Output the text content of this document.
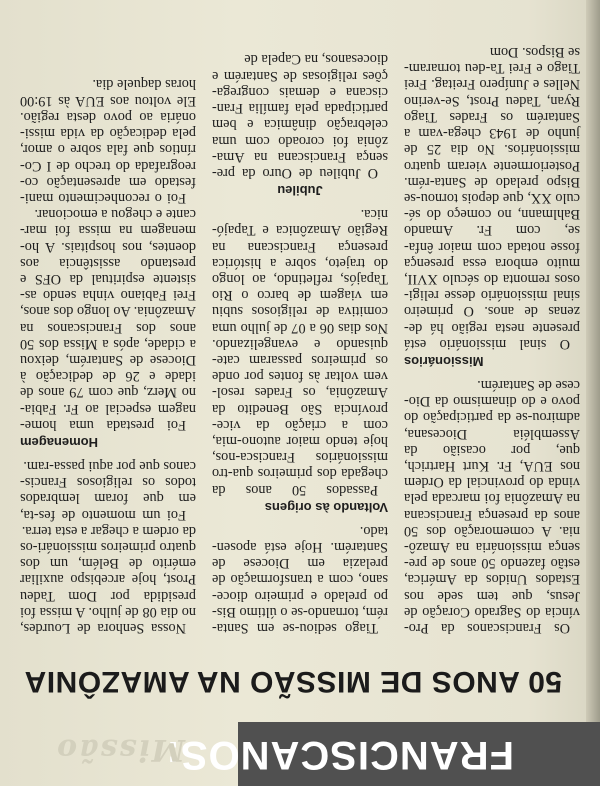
FRANCISCANOS:
Missão
50 ANOS DE MISSÃO NA AMAZÔNIA

Os Franciscanos da Pro-víncia do Sagrado Coração de Jesus, que tem sede nos Estados Unidos da América, estão fazendo 50 anos de pre-sença missionária na Amazô-nia. A comemoração dos 50 anos da presença Franciscana na Amazônia foi marcada pela vinda do provincial da Ordem nos EUA, Fr. Kurt Hartrich, que, por ocasião da Assembléia Diocesana, admirou-se da participação do povo e do dinamismo da Dio-cese de Santarém.

Missionários

O sinal missionário está presente nesta região há de-zenas de anos. O primeiro sinal missionário desse religi-osos remonta do século XVII, muito embora essa presença fosse notada com maior ênfa-se, com Fr. Amando Bahlmann, no começo do sé-culo XX, que depois tornou-se Bispo prelado de Santa-rém. Posteriormente vieram quatro missionários. No dia 25 de junho de 1943 chega-vam a Santarém os Frades Tiago Ryan, Tadeu Prost, Se-verino Nelles e Junípero Freitag. Frei Tiago e Frei Ta-deu tornaram-se Bispos. Dom

Tiago sediou-se em Santa-rém, tornando-se o último Bis-po prelado e primeiro dioce-sano, com a transformação de prelazia em Diocese de Santarém. Hoje está aposen-tado.

Voltando às origens

Passados 50 anos da chegada dos primeiros qua-tro missionários Francisca-nos, hoje tendo maior autono-mia, com a criação da vice-província São Benedito da Amazônia, os Frades resol-vem voltar às fontes por onde os primeiros passaram cate-quisando e evangelizando. Nos dias 06 a 07 de julho uma comitiva de religiosos subiu em viagem de barco o Rio Tapajós, refletindo, ao longo do trajeto, sobre a histórica presença Franciscana na Região Amazônica e Tapajó-nica.

Jubileu

O Jubileu de Ouro da pre-sença Franciscana na Ama-zônia foi coroado com uma celebração dinâmica e bem participada pela família Fran-ciscana e demais congrega-ções religiosas de Santarém e diocesanos, na Capela de

Nossa Senhora de Lourdes, no dia 08 de julho. A missa foi presidida por Dom Tadeu Prost, hoje arcebispo auxiliar emérito de Belém, um dos quatro primeiros missionári-os da ordem a chegar a esta terra.

Foi um momento de fes-ta, em que foram lembrados todos os religiosos Francis-canos que por aqui passa-ram.

Homenagem

Foi prestada uma home-nagem especial ao Fr. Fabia-no Merz, que com 79 anos de idade e 26 de dedicação à Diocese de Santarém, deixou a cidade, após a Missa dos 50 anos dos Franciscanos na Amazônia. Ao longo dos anos, Frei Fabiano vinha sendo as-sistente espiritual da OFS e prestando assistência aos doentes, nos hospitais. A ho-menagem na missa foi mar-cante e chegou a emocionar.

Foi o reconhecimento mani-festado em apresentação co-reografada do trecho de I Co-ríntios que fala sobre o amor, pela dedicação da vida missi-onária ao povo desta região. Ele voltou aos EUA às 19:00 horas daquele dia.
